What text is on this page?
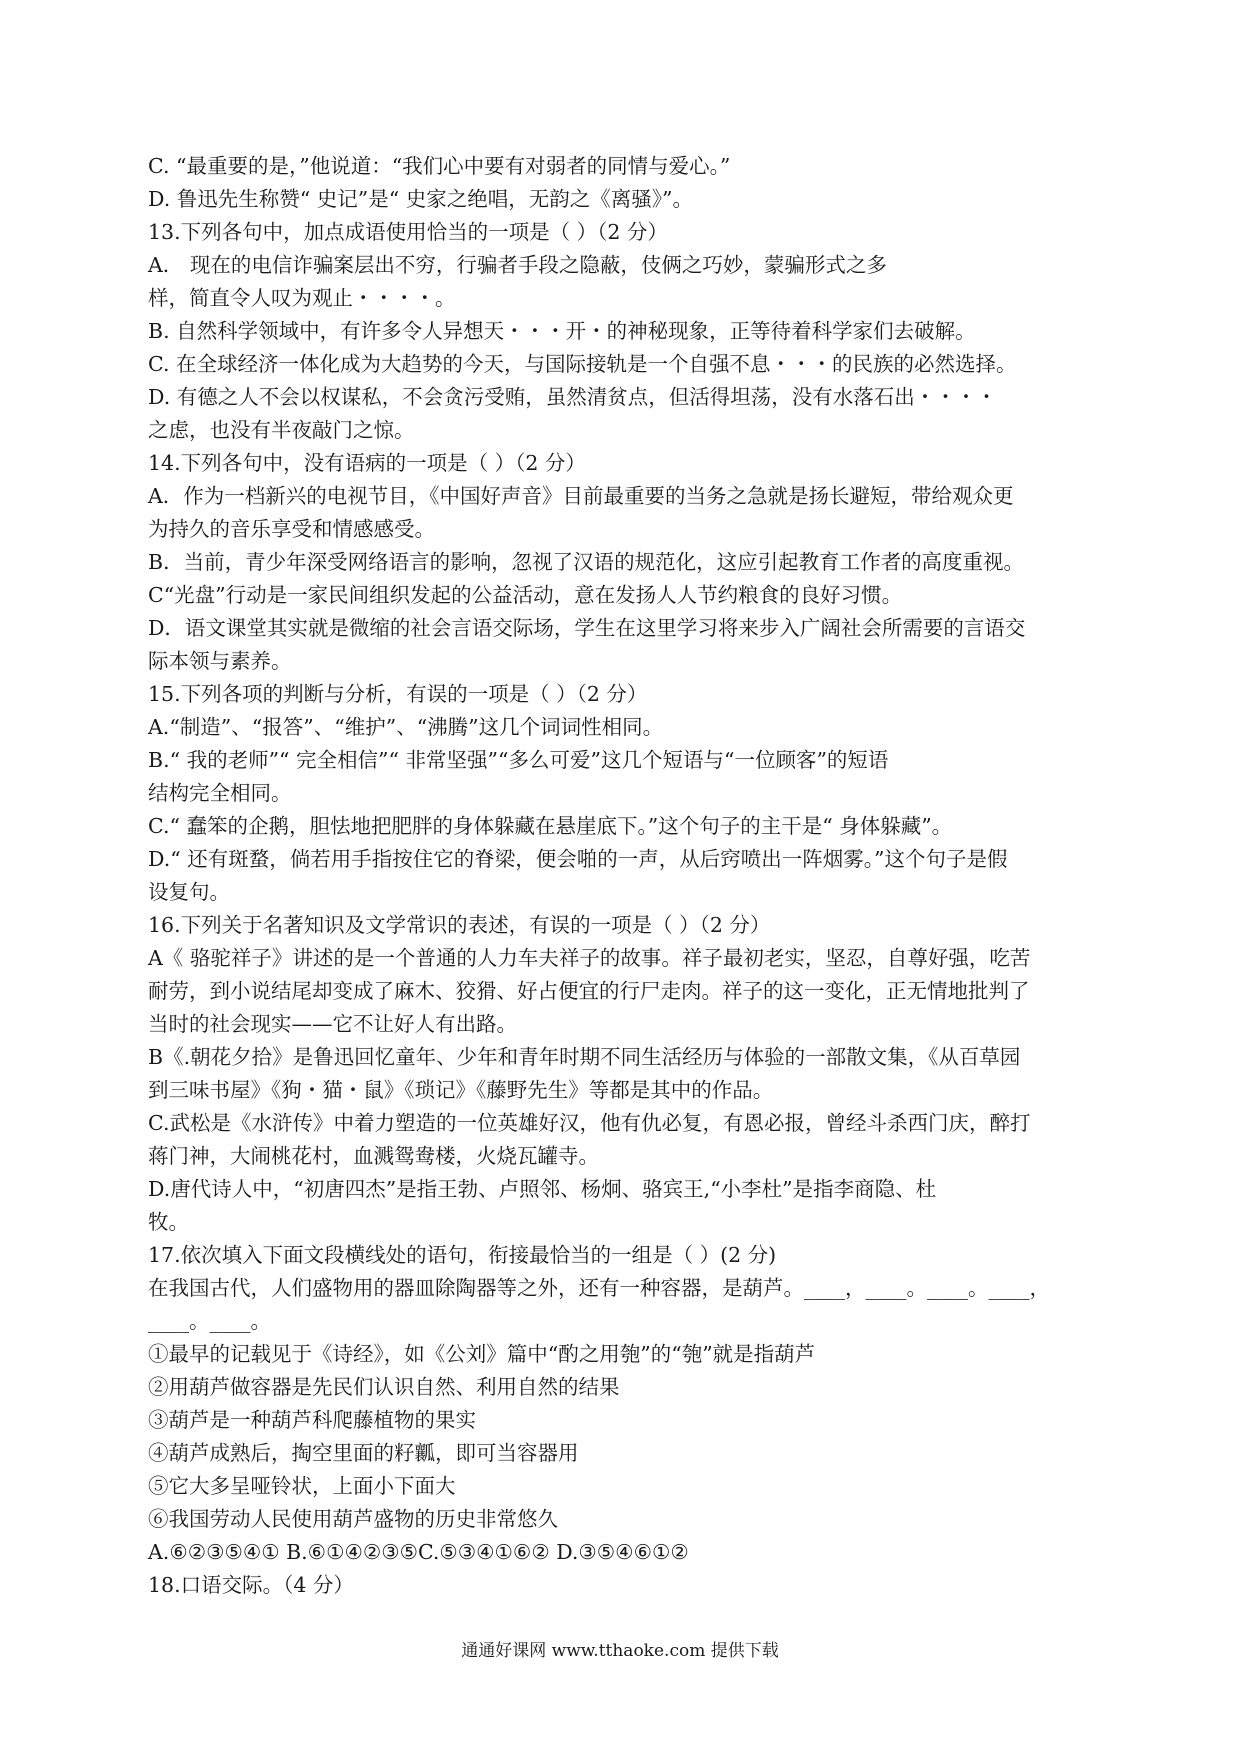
C. “最重要的是，”他说道：“我们心中要有对弱者的同情与爱心。”
D. 鲁迅先生称赞“ 史记”是“ 史家之绝唱，无韵之《离骚》”。
13.下列各句中，加点成语使用恰当的一项是（ ）（2 分）
A． 现在的电信诈骗案层出不穷，行骗者手段之隐蔽，伎俩之巧妙，蒙骗形式之多
样，简直令人叹为观止・・・・。
B. 自然科学领域中，有许多令人异想天・・・开・的神秘现象，正等待着科学家们去破解。
C. 在全球经济一体化成为大趋势的今天，与国际接轨是一个自强不息・・・的民族的必然选择。
D. 有德之人不会以权谋私，不会贪污受贿，虽然清贫点，但活得坦荡，没有水落石出・・・・
之虑，也没有半夜敲门之惊。
14.下列各句中，没有语病的一项是（ ）（2 分）
A．作为一档新兴的电视节目，《中国好声音》目前最重要的当务之急就是扬长避短，带给观众更
为持久的音乐享受和情感感受。
B．当前，青少年深受网络语言的影响，忽视了汉语的规范化，这应引起教育工作者的高度重视。
C“光盘”行动是一家民间组织发起的公益活动，意在发扬人人节约粮食的良好习惯。
D．语文课堂其实就是微缩的社会言语交际场，学生在这里学习将来步入广阔社会所需要的言语交
际本领与素养。
15.下列各项的判断与分析，有误的一项是（ ）（2 分）
A.“制造”、“报答”、“维护”、“沸腾”这几个词词性相同。
B.“ 我的老师”“ 完全相信”“ 非常坚强”“多么可爱”这几个短语与“一位顾客”的短语
结构完全相同。
C.“ 蠢笨的企鹅，胆怯地把肥胖的身体躲藏在悬崖底下。”这个句子的主干是“ 身体躲藏”。
D.“ 还有斑蝥，倘若用手指按住它的脊梁，便会啪的一声，从后窍喷出一阵烟雾。”这个句子是假
设复句。
16.下列关于名著知识及文学常识的表述，有误的一项是（ ）（2 分）
A《 骆驼祥子》讲述的是一个普通的人力车夫祥子的故事。祥子最初老实，坚忍，自尊好强，吃苦
耐劳，到小说结尾却变成了麻木、狡猾、好占便宜的行尸走肉。祥子的这一变化，正无情地批判了
当时的社会现实——它不让好人有出路。
B《.朝花夕拾》是鲁迅回忆童年、少年和青年时期不同生活经历与体验的一部散文集，《从百草园
到三味书屋》《狗・猫・鼠》《琐记》《藤野先生》等都是其中的作品。
C.武松是《水浒传》中着力塑造的一位英雄好汉，他有仇必复，有恩必报，曾经斗杀西门庆，醉打
蒋门神，大闹桃花村，血溅鸳鸯楼，火烧瓦罐寺。
D.唐代诗人中，“初唐四杰”是指王勃、卢照邻、杨炯、骆宾王,“小李杜”是指李商隐、杜
牧。
17.依次填入下面文段横线处的语句，衔接最恰当的一组是（ ）(2 分)
在我国古代，人们盛物用的器皿除陶器等之外，还有一种容器，是葫芦。____，____。____。____，
____。____。
①最早的记载见于《诗经》，如《公刘》篇中“酌之用匏”的“匏”就是指葫芦
②用葫芦做容器是先民们认识自然、利用自然的结果
③葫芦是一种葫芦科爬藤植物的果实
④葫芦成熟后，掏空里面的籽瓤，即可当容器用
⑤它大多呈哑铃状，上面小下面大
⑥我国劳动人民使用葫芦盛物的历史非常悠久
A.⑥②③⑤④① B.⑥①④②③⑤C.⑤③④①⑥② D.③⑤④⑥①②
18.口语交际。（4 分）
通通好课网 www.tthaoke.com 提供下载
